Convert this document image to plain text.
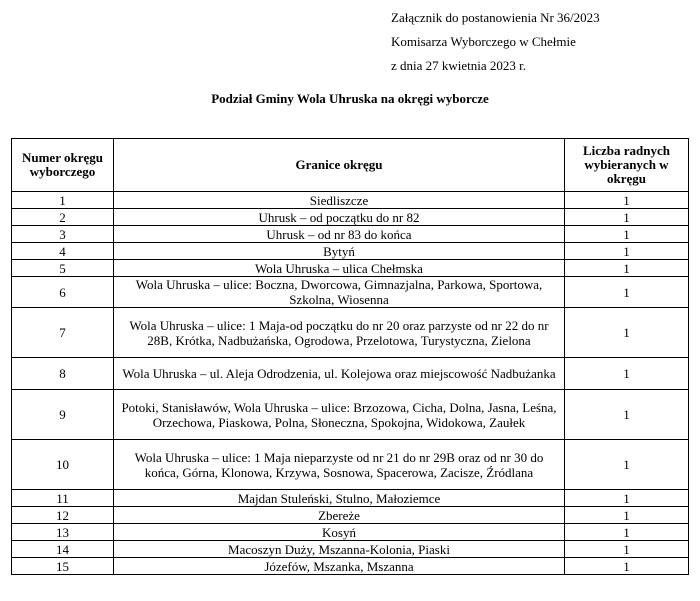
Załącznik do postanowienia Nr 36/2023
Komisarza Wyborczego w Chełmie
z dnia 27 kwietnia 2023 r.
Podział Gminy Wola Uhruska na okręgi wyborcze
Numer okręgu wyborczego	Granice okręgu	Liczba radnych wybieranych w okręgu
1	Siedliszcze	1
2	Uhrusk – od początku do nr 82	1
3	Uhrusk – od nr 83 do końca	1
4	Bytyń	1
5	Wola Uhruska – ulica Chełmska	1
6	Wola Uhruska – ulice: Boczna, Dworcowa, Gimnazjalna, Parkowa, Sportowa, Szkolna, Wiosenna	1
7	Wola Uhruska – ulice: 1 Maja-od początku do nr 20 oraz parzyste od nr 22 do nr 28B, Krótka, Nadbużańska, Ogrodowa, Przelotowa, Turystyczna, Zielona	1
8	Wola Uhruska – ul. Aleja Odrodzenia, ul. Kolejowa oraz miejscowość Nadbużanka	1
9	Potoki, Stanisławów, Wola Uhruska – ulice: Brzozowa, Cicha, Dolna, Jasna, Leśna, Orzechowa, Piaskowa, Polna, Słoneczna, Spokojna, Widokowa, Zaułek	1
10	Wola Uhruska – ulice: 1 Maja nieparzyste od nr 21 do nr 29B oraz od nr 30 do końca, Górna, Klonowa, Krzywa, Sosnowa, Spacerowa, Zacisze, Źródlana	1
11	Majdan Stuleński, Stulno, Małoziemce	1
12	Zbereże	1
13	Kosyń	1
14	Macoszyn Duży, Mszanna-Kolonia, Piaski	1
15	Józefów, Mszanka, Mszanna	1
